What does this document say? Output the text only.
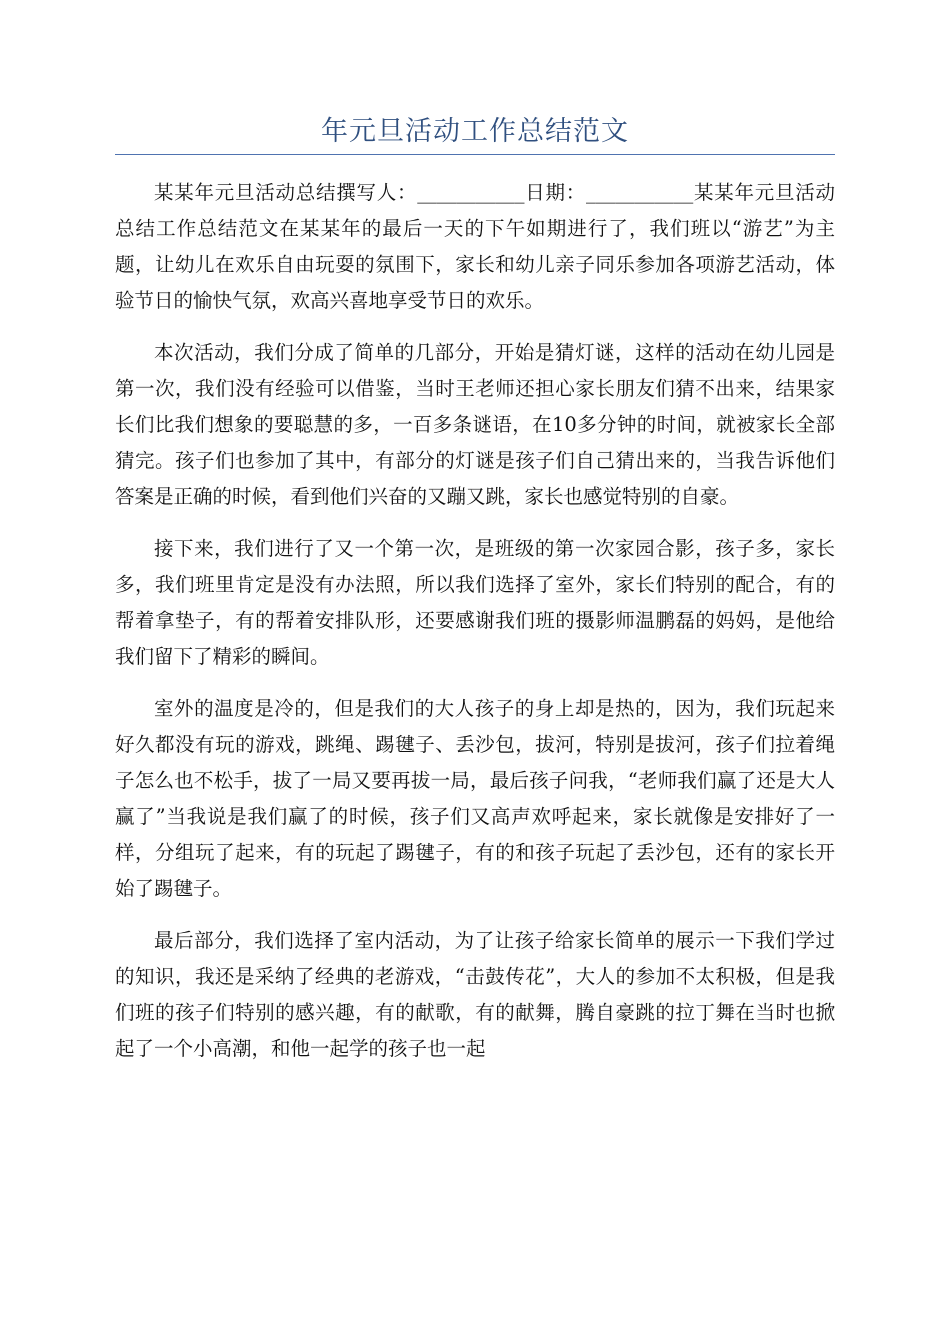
年元旦活动工作总结范文

某某年元旦活动总结撰写人：___________日期：___________某某年元旦活动总结工作总结范文在某某年的最后一天的下午如期进行了，我们班以“游艺”为主题，让幼儿在欢乐自由玩耍的氛围下，家长和幼儿亲子同乐参加各项游艺活动，体验节日的愉快气氛，欢高兴喜地享受节日的欢乐。

本次活动，我们分成了简单的几部分，开始是猜灯谜，这样的活动在幼儿园是第一次，我们没有经验可以借鉴，当时王老师还担心家长朋友们猜不出来，结果家长们比我们想象的要聪慧的多，一百多条谜语，在10多分钟的时间，就被家长全部猜完。孩子们也参加了其中，有部分的灯谜是孩子们自己猜出来的，当我告诉他们答案是正确的时候，看到他们兴奋的又蹦又跳，家长也感觉特别的自豪。

接下来，我们进行了又一个第一次，是班级的第一次家园合影，孩子多，家长多，我们班里肯定是没有办法照，所以我们选择了室外，家长们特别的配合，有的帮着拿垫子，有的帮着安排队形，还要感谢我们班的摄影师温鹏磊的妈妈，是他给我们留下了精彩的瞬间。

室外的温度是冷的，但是我们的大人孩子的身上却是热的，因为，我们玩起来好久都没有玩的游戏，跳绳、踢毽子、丢沙包，拔河，特别是拔河，孩子们拉着绳子怎么也不松手，拔了一局又要再拔一局，最后孩子问我，“老师我们赢了还是大人赢了”当我说是我们赢了的时候，孩子们又高声欢呼起来，家长就像是安排好了一样，分组玩了起来，有的玩起了踢毽子，有的和孩子玩起了丢沙包，还有的家长开始了踢毽子。

最后部分，我们选择了室内活动，为了让孩子给家长简单的展示一下我们学过的知识，我还是采纳了经典的老游戏，“击鼓传花”，大人的参加不太积极，但是我们班的孩子们特别的感兴趣，有的献歌，有的献舞，腾自豪跳的拉丁舞在当时也掀起了一个小高潮，和他一起学的孩子也一起
